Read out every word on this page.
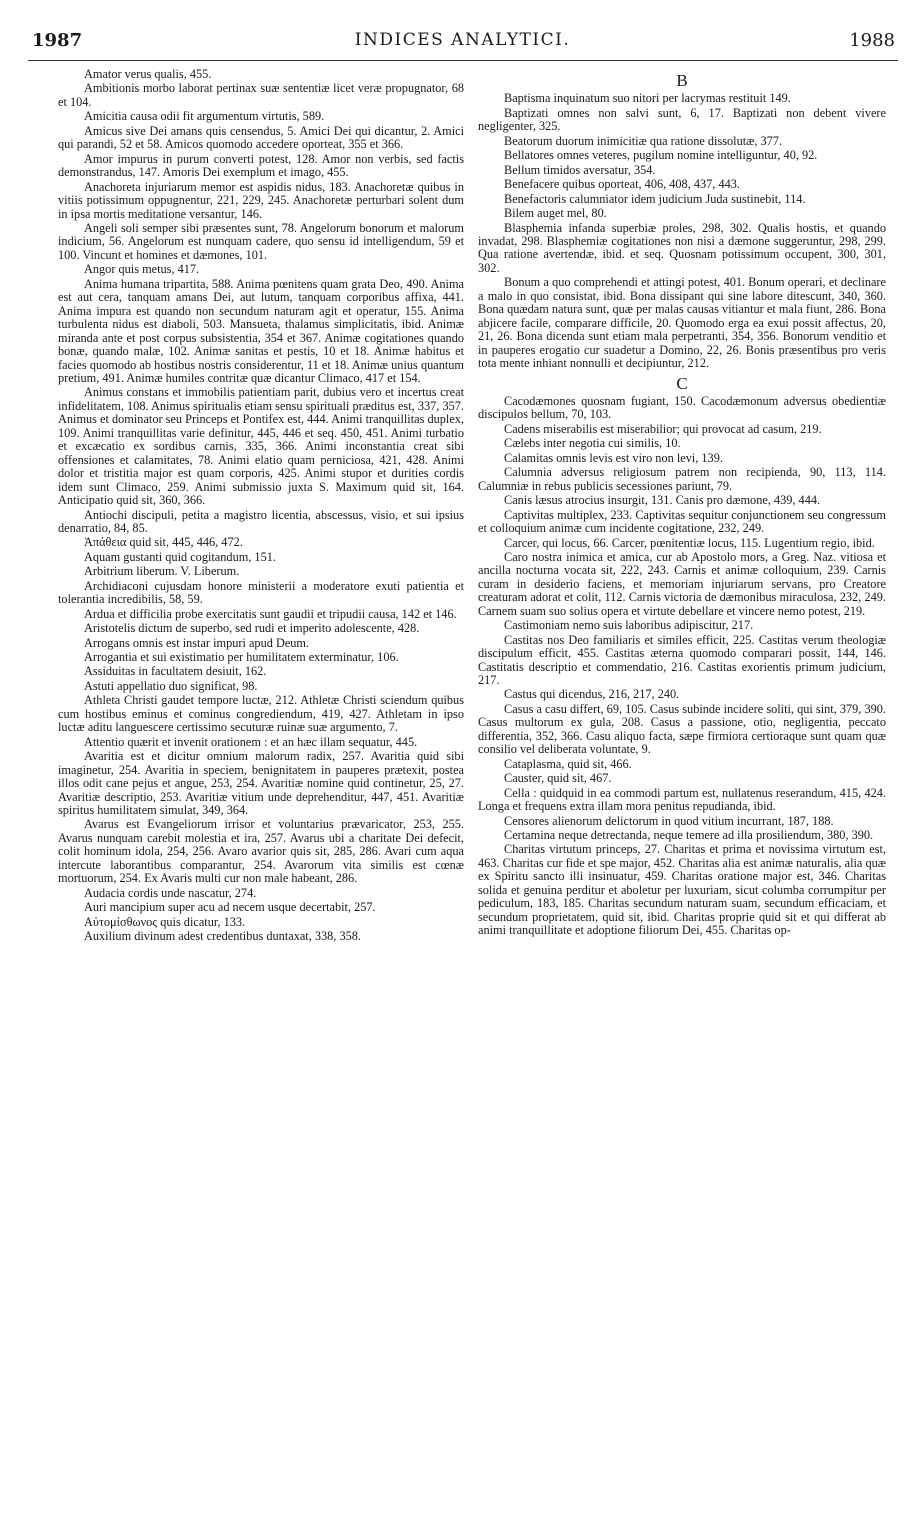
1987	INDICES ANALYTICI.	1988

Amator verus qualis, 455.

Ambitionis morbo laborat pertinax suæ sententiæ licet veræ propugnator, 68 et 104.

Amicitia causa odii fit argumentum virtutis, 589.

Amicus sive Dei amans quis censendus, 5. Amici Dei qui dicantur, 2. Amici qui parandi, 52 et 58. Amicos quomodo accedere oporteat, 355 et 366.

Amor impurus in purum converti potest, 128. Amor non verbis, sed factis demonstrandus, 147. Amoris Dei exemplum et imago, 455.

Anachoreta injuriarum memor est aspidis nidus, 183. Anachoretæ quibus in vitiis potissimum oppugnentur, 221, 229, 245. Anachoretæ perturbari solent dum in ipsa mortis meditatione versantur, 146.

Angeli soli semper sibi præsentes sunt, 78. Angelorum bonorum et malorum indicium, 56. Angelorum est nunquam cadere, quo sensu id intelligendum, 59 et 100. Vincunt et homines et dæmones, 101.

Angor quis metus, 417.

Anima humana tripartita, 588. Anima pœnitens quam grata Deo, 490. Anima est aut cera, tanquam amans Dei, aut lutum, tanquam corporibus affixa, 441. Anima impura est quando non secundum naturam agit et operatur, 155. Anima turbulenta nidus est diaboli, 503. Mansueta, thalamus simplicitatis, ibid. Animæ miranda ante et post corpus subsistentia, 354 et 367. Animæ cogitationes quando bonæ, quando malæ, 102. Animæ sanitas et pestis, 10 et 18. Animæ habitus et facies quomodo ab hostibus nostris considerentur, 11 et 18. Animæ unius quantum pretium, 491. Animæ humiles contritæ quæ dicantur Climaco, 417 et 154.

Animus constans et immobilis patientiam parit, dubius vero et incertus creat infidelitatem, 108. Animus spiritualis etiam sensu spirituali præditus est, 337, 357. Animus et dominator seu Princeps et Pontifex est, 444. Animi tranquillitas duplex, 109. Animi tranquillitas varie definitur, 445, 446 et seq. 450, 451. Animi turbatio et excæcatio ex sordibus carnis, 335, 366. Animi inconstantia creat sibi offensiones et calamitates, 78. Animi elatio quam perniciosa, 421, 428. Animi dolor et tristitia major est quam corporis, 425. Animi stupor et durities cordis idem sunt Climaco, 259. Animi submissio juxta S. Maximum quid sit, 164. Anticipatio quid sit, 360, 366.

Antiochi discipuli, petita a magistro licentia, abscessus, visio, et sui ipsius denarratio, 84, 85.

Ἀπάθεια quid sit, 445, 446, 472.

Aquam gustanti quid cogitandum, 151.

Arbitrium liberum. V. Liberum.

Archidiaconi cujusdam honore ministerii a moderatore exuti patientia et tolerantia incredibilis, 58, 59.

Ardua et difficilia probe exercitatis sunt gaudii et tripudii causa, 142 et 146.

Aristotelis dictum de superbo, sed rudi et imperito adolescente, 428.

Arrogans omnis est instar impuri apud Deum.

Arrogantia et sui existimatio per humilitatem exterminatur, 106.

Assiduitas in facultatem desiuit, 162.

Astuti appellatio duo significat, 98.

Athleta Christi gaudet tempore luctæ, 212. Athletæ Christi sciendum quibus cum hostibus eminus et cominus congrediendum, 419, 427. Athletam in ipso luctæ aditu languescere certissimo secuturæ ruinæ suæ argumento, 7.

Attentio quærit et invenit orationem : et an hæc illam sequatur, 445.

Avaritia est et dicitur omnium malorum radix, 257. Avaritia quid sibi imaginetur, 254. Avaritia in speciem, benignitatem in pauperes prætexit, postea illos odit cane pejus et angue, 253, 254. Avaritiæ nomine quid continetur, 25, 27. Avaritiæ descriptio, 253. Avaritiæ vitium unde deprehenditur, 447, 451. Avaritiæ spiritus humilitatem simulat, 349, 364.

Avarus est Evangeliorum irrisor et voluntarius prævaricator, 253, 255. Avarus nunquam carebit molestia et ira, 257. Avarus ubi a charitate Dei defecit, colit hominum idola, 254, 256. Avaro avarior quis sit, 285, 286. Avari cum aqua intercute laborantibus comparantur, 254. Avarorum vita similis est cœnæ mortuorum, 254. Ex Avaris multi cur non male habeant, 286.

Audacia cordis unde nascatur, 274.

Auri mancipium super acu ad necem usque decertabit, 257.

Αὐτομίσθωνος quis dicatur, 133.

Auxilium divinum adest credentibus duntaxat, 338, 358.

B

Baptisma inquinatum suo nitori per lacrymas restituit 149.

Baptizati omnes non salvi sunt, 6, 17. Baptizati non debent vivere negligenter, 325.

Beatorum duorum inimicitiæ qua ratione dissolutæ, 377.

Bellatores omnes veteres, pugilum nomine intelliguntur, 40, 92.

Bellum timidos aversatur, 354.

Benefacere quibus oporteat, 406, 408, 437, 443.

Benefactoris calumniator idem judicium Juda sustinebit, 114.

Bilem auget mel, 80.

Blasphemia infanda superbiæ proles, 298, 302. Qualis hostis, et quando invadat, 298. Blasphemiæ cogitationes non nisi a dæmone suggeruntur, 298, 299. Qua ratione avertendæ, ibid. et seq. Quosnam potissimum occupent, 300, 301, 302.

Bonum a quo comprehendi et attingi potest, 401. Bonum operari, et declinare a malo in quo consistat, ibid. Bona dissipant qui sine labore ditescunt, 340, 360. Bona quædam natura sunt, quæ per malas causas vitiantur et mala fiunt, 286. Bona abjicere facile, comparare difficile, 20. Quomodo erga ea exui possit affectus, 20, 21, 26. Bona dicenda sunt etiam mala perpetranti, 354, 356. Bonorum venditio et in pauperes erogatio cur suadetur a Domino, 22, 26. Bonis præsentibus pro veris tota mente inhiant nonnulli et decipiuntur, 212.

C

Cacodæmones quosnam fugiant, 150. Cacodæmonum adversus obedientiæ discipulos bellum, 70, 103.

Cadens miserabilis est miserabilior; qui provocat ad casum, 219.

Cælebs inter negotia cui similis, 10.

Calamitas omnis levis est viro non levi, 139.

Calumnia adversus religiosum patrem non recipienda, 90, 113, 114. Calumniæ in rebus publicis secessiones pariunt, 79.

Canis læsus atrocius insurgit, 131. Canis pro dæmone, 439, 444.

Captivitas multiplex, 233. Captivitas sequitur conjunctionem seu congressum et colloquium animæ cum incidente cogitatione, 232, 249.

Carcer, qui locus, 66. Carcer, pœnitentiæ locus, 115. Lugentium regio, ibid.

Caro nostra inimica et amica, cur ab Apostolo mors, a Greg. Naz. vitiosa et ancilla nocturna vocata sit, 222, 243. Carnis et animæ colloquium, 239. Carnis curam in desiderio faciens, et memoriam injuriarum servans, pro Creatore creaturam adorat et colit, 112. Carnis victoria de dæmonibus miraculosa, 232, 249. Carnem suam suo solius opera et virtute debellare et vincere nemo potest, 219.

Castimoniam nemo suis laboribus adipiscitur, 217.

Castitas nos Deo familiaris et similes efficit, 225. Castitas verum theologiæ discipulum efficit, 455. Castitas æterna quomodo comparari possit, 144, 146. Castitatis descriptio et commendatio, 216. Castitas exorientis primum judicium, 217.

Castus qui dicendus, 216, 217, 240.

Casus a casu differt, 69, 105. Casus subinde incidere soliti, qui sint, 379, 390. Casus multorum ex gula, 208. Casus a passione, otio, negligentia, peccato differentia, 352, 366. Casu aliquo facta, sæpe firmiora certioraque sunt quam quæ consilio vel deliberata voluntate, 9.

Cataplasma, quid sit, 466.

Causter, quid sit, 467.

Cella : quidquid in ea commodi partum est, nullatenus reserandum, 415, 424. Longa et frequens extra illam mora penitus repudianda, ibid.

Censores alienorum delictorum in quod vitium incurrant, 187, 188.

Certamina neque detrectanda, neque temere ad illa prosiliendum, 380, 390.

Charitas virtutum princeps, 27. Charitas et prima et novissima virtutum est, 463. Charitas cur fide et spe major, 452. Charitas alia est animæ naturalis, alia quæ ex Spiritu sancto illi insinuatur, 459. Charitas oratione major est, 346. Charitas solida et genuina perditur et aboletur per luxuriam, sicut columba corrumpitur per pediculum, 183, 185. Charitas secundum naturam suam, secundum efficaciam, et secundum proprietatem, quid sit, ibid. Charitas proprie quid sit et qui differat ab animi tranquillitate et adoptione filiorum Dei, 455. Charitas op-
